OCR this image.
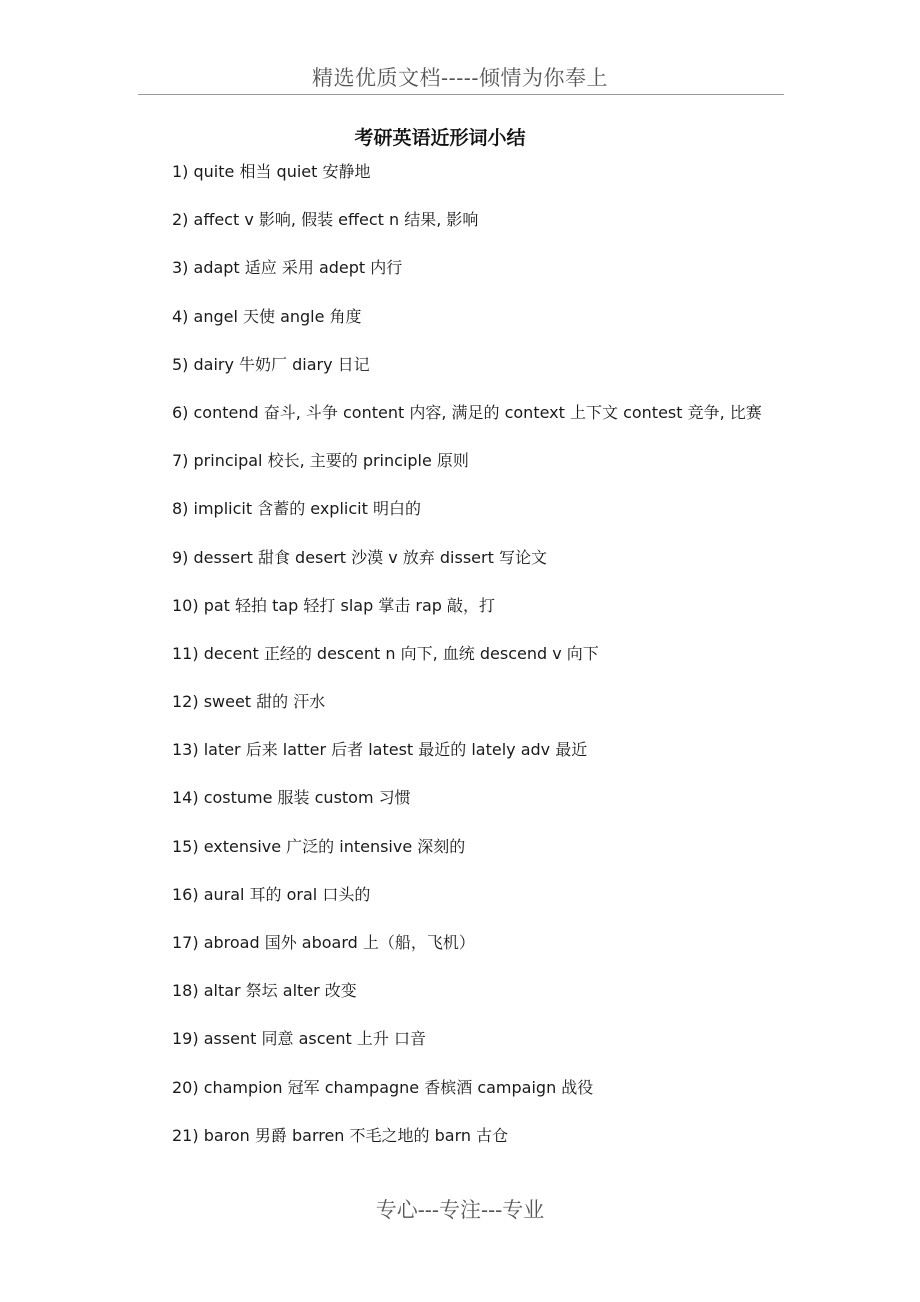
精选优质文档-----倾情为你奉上
考研英语近形词小结
1) quite 相当 quiet 安静地
2) affect v 影响, 假装 effect n 结果, 影响
3) adapt 适应 采用 adept 内行
4) angel 天使 angle 角度
5) dairy 牛奶厂 diary 日记
6) contend 奋斗, 斗争 content 内容, 满足的 context 上下文 contest 竞争, 比赛
7) principal 校长, 主要的 principle 原则
8) implicit 含蓄的 explicit 明白的
9) dessert 甜食 desert 沙漠 v 放弃 dissert 写论文
10) pat 轻拍 tap 轻打 slap 掌击 rap 敲，打
11) decent 正经的 descent n 向下, 血统 descend v 向下
12) sweet 甜的 汗水
13) later 后来 latter 后者 latest 最近的 lately adv 最近
14) costume 服装 custom 习惯
15) extensive 广泛的 intensive 深刻的
16) aural 耳的 oral 口头的
17) abroad 国外 aboard 上（船，飞机）
18) altar 祭坛 alter 改变
19) assent 同意 ascent 上升 口音
20) champion 冠军 champagne 香槟酒 campaign 战役
21) baron 男爵 barren 不毛之地的 barn 古仓
专心---专注---专业
